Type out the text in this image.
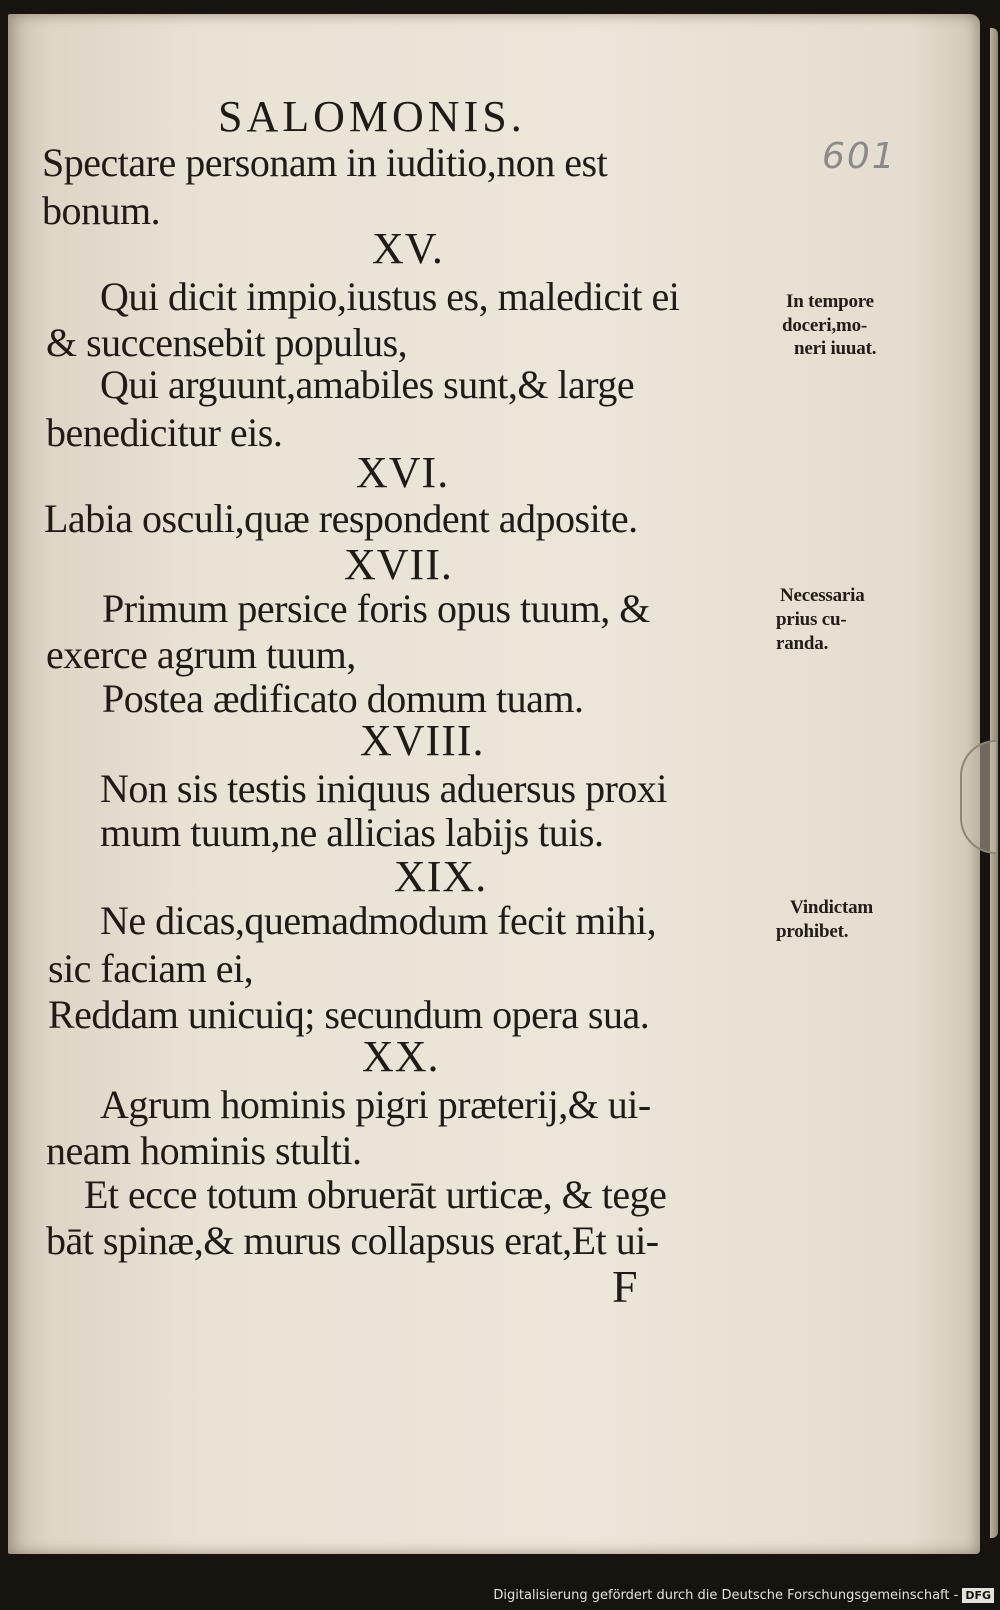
601
SALOMONIS.
Spectare personam in iuditio,non est
bonum.
XV.
Qui dicit impio,iustus es, maledicit ei
& succensebit populus,
Qui arguunt,amabiles sunt,& large
benedicitur eis.
XVI.
Labia osculi,quæ respondent adposite.
XVII.
Primum persice foris opus tuum, &
exerce agrum tuum,
Postea ædificato domum tuam.
XVIII.
Non sis testis iniquus aduersus proxi
mum tuum,ne allicias labijs tuis.
XIX.
Ne dicas,quemadmodum fecit mihi,
sic faciam ei,
Reddam unicuiq; secundum opera sua.
XX.
Agrum hominis pigri præterij,& ui-
neam hominis stulti.
Et ecce totum obruerāt urticæ, & tege
bāt spinæ,& murus collapsus erat,Et ui-
F
In tempore
doceri,mo-
neri iuuat.
Necessaria
prius cu-
randa.
Vindictam
prohibet.
Digitalisierung gefördert durch die Deutsche Forschungsgemeinschaft - DFG
